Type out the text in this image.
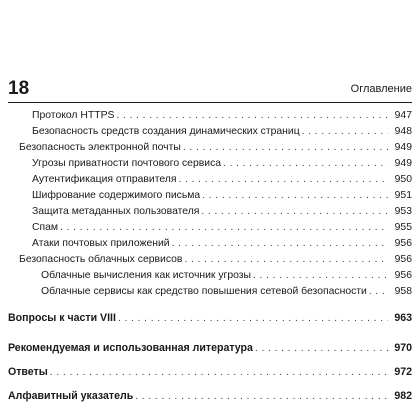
18	Оглавление
Протокол HTTPS . . .	947
Безопасность средств создания динамических страниц . . .	948
Безопасность электронной почты . . .	949
Угрозы приватности почтового сервиса . . .	949
Аутентификация отправителя . . .	950
Шифрование содержимого письма . . .	951
Защита метаданных пользователя . . .	953
Спам . . .	955
Атаки почтовых приложений . . .	956
Безопасность облачных сервисов . . .	956
Облачные вычисления как источник угрозы . . .	956
Облачные сервисы как средство повышения сетевой безопасности . . .	958
Вопросы к части VIII . . .	963
Рекомендуемая и использованная литература . . .	970
Ответы . . .	972
Алфавитный указатель . . .	982
